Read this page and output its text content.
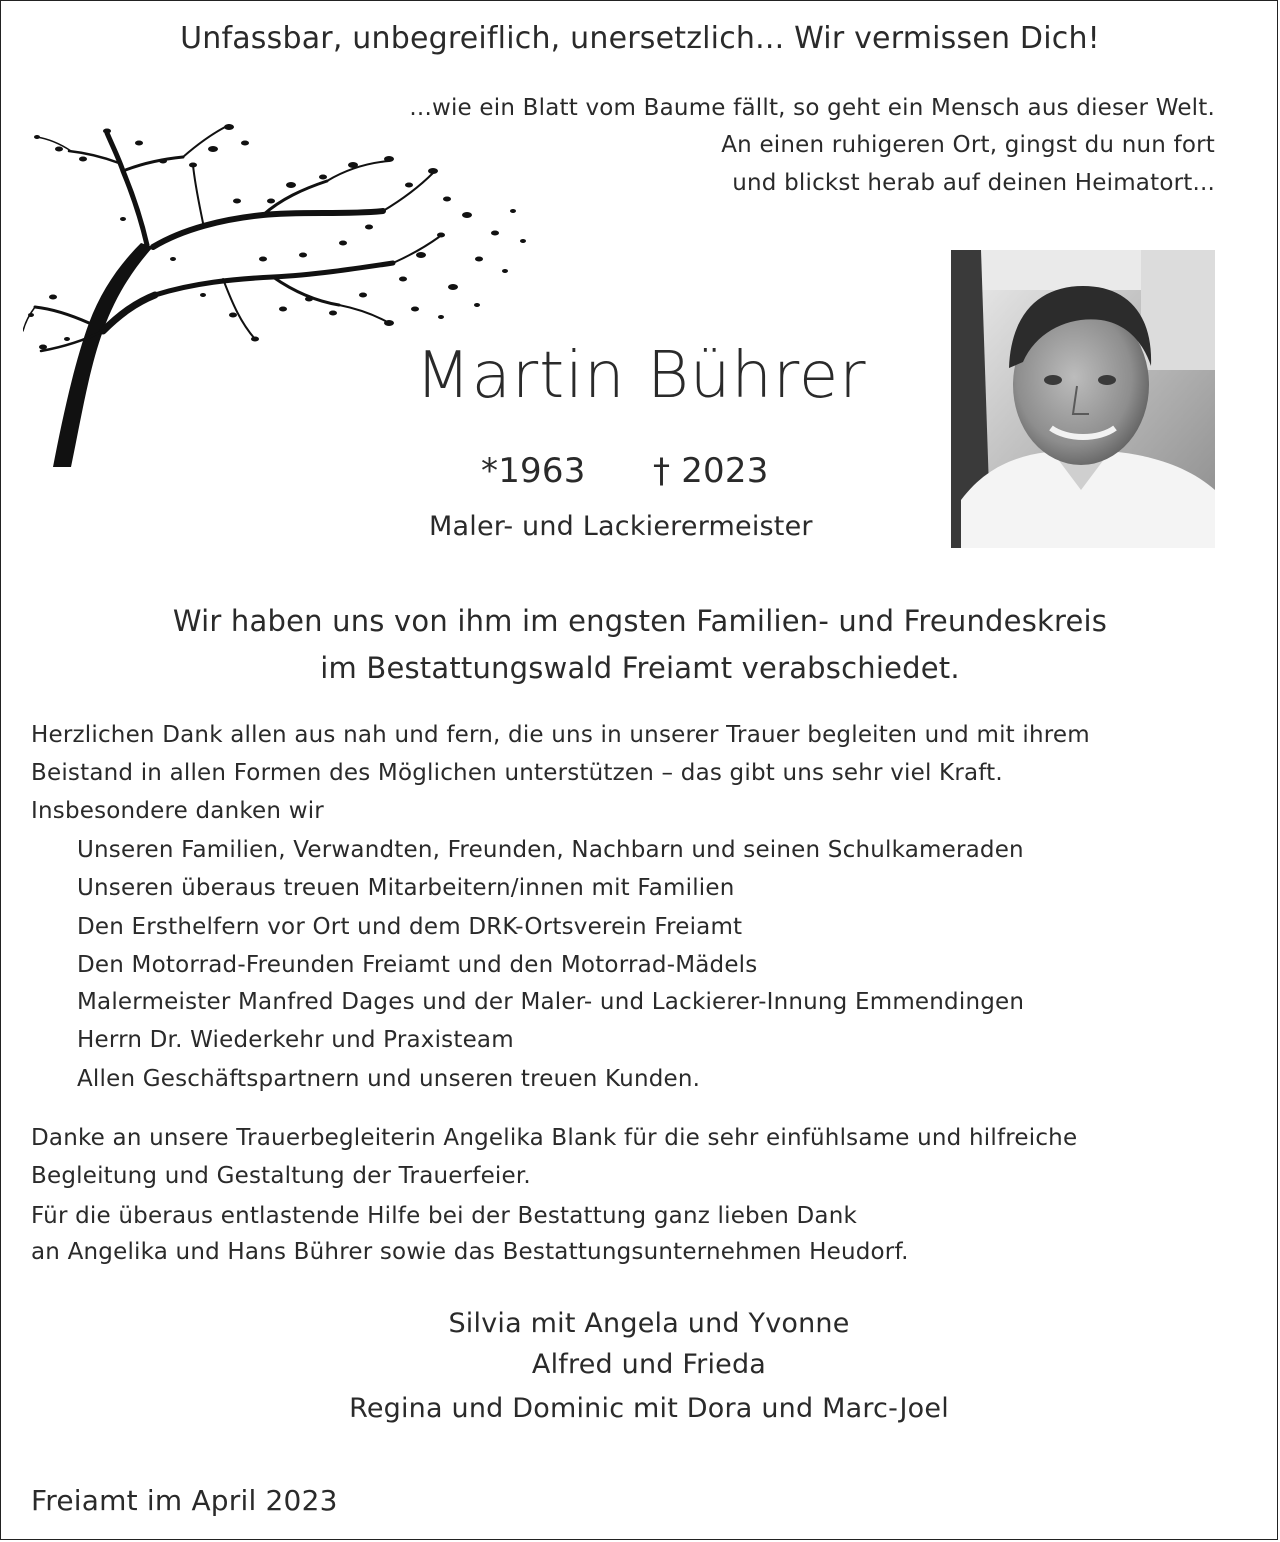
Unfassbar, unbegreiflich, unersetzlich... Wir vermissen Dich!
...wie ein Blatt vom Baume fällt, so geht ein Mensch aus dieser Welt.
An einen ruhigeren Ort, gingst du nun fort
und blickst herab auf deinen Heimatort...
Martin Bührer
*1963 † 2023
Maler- und Lackierermeister
Wir haben uns von ihm im engsten Familien- und Freundeskreis
im Bestattungswald Freiamt verabschiedet.
Herzlichen Dank allen aus nah und fern, die uns in unserer Trauer begleiten und mit ihrem
Beistand in allen Formen des Möglichen unterstützen – das gibt uns sehr viel Kraft.
Insbesondere danken wir
Unseren Familien, Verwandten, Freunden, Nachbarn und seinen Schulkameraden
Unseren überaus treuen Mitarbeitern/innen mit Familien
Den Ersthelfern vor Ort und dem DRK-Ortsverein Freiamt
Den Motorrad-Freunden Freiamt und den Motorrad-Mädels
Malermeister Manfred Dages und der Maler- und Lackierer-Innung Emmendingen
Herrn Dr. Wiederkehr und Praxisteam
Allen Geschäftspartnern und unseren treuen Kunden.
Danke an unsere Trauerbegleiterin Angelika Blank für die sehr einfühlsame und hilfreiche
Begleitung und Gestaltung der Trauerfeier.
Für die überaus entlastende Hilfe bei der Bestattung ganz lieben Dank
an Angelika und Hans Bührer sowie das Bestattungsunternehmen Heudorf.
Silvia mit Angela und Yvonne
Alfred und Frieda
Regina und Dominic mit Dora und Marc-Joel
Freiamt im April 2023
